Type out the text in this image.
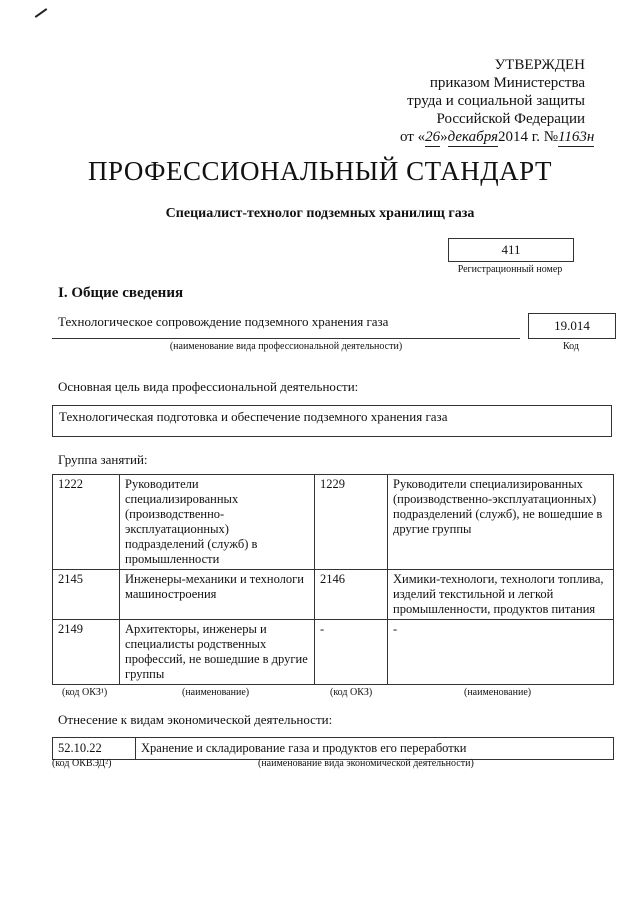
УТВЕРЖДЕН
приказом Министерства
труда и социальной защиты
Российской Федерации
от «26»декабря2014 г. №1163н
ПРОФЕССИОНАЛЬНЫЙ СТАНДАРТ
Специалист-технолог подземных хранилищ газа
411
Регистрационный номер
I. Общие сведения
Технологическое сопровождение подземного хранения газа
(наименование вида профессиональной деятельности)
19.014
Код
Основная цель вида профессиональной деятельности:
Технологическая подготовка и обеспечение подземного хранения газа
Группа занятий:
1222	Руководители специализированных (производственно-эксплуатационных) подразделений (служб) в промышленности	1229	Руководители специализированных (производственно-эксплуатационных) подразделений (служб), не вошедшие в другие группы
2145	Инженеры-механики и технологи машиностроения	2146	Химики-технологи, технологи топлива, изделий текстильной и легкой промышленности, продуктов питания
2149	Архитекторы, инженеры и специалисты родственных профессий, не вошедшие в другие группы	-	-
(код ОКЗ¹)	(наименование)	(код ОКЗ)	(наименование)
Отнесение к видам экономической деятельности:
52.10.22	Хранение и складирование газа и продуктов его переработки
(код ОКВЭД²)	(наименование вида экономической деятельности)
